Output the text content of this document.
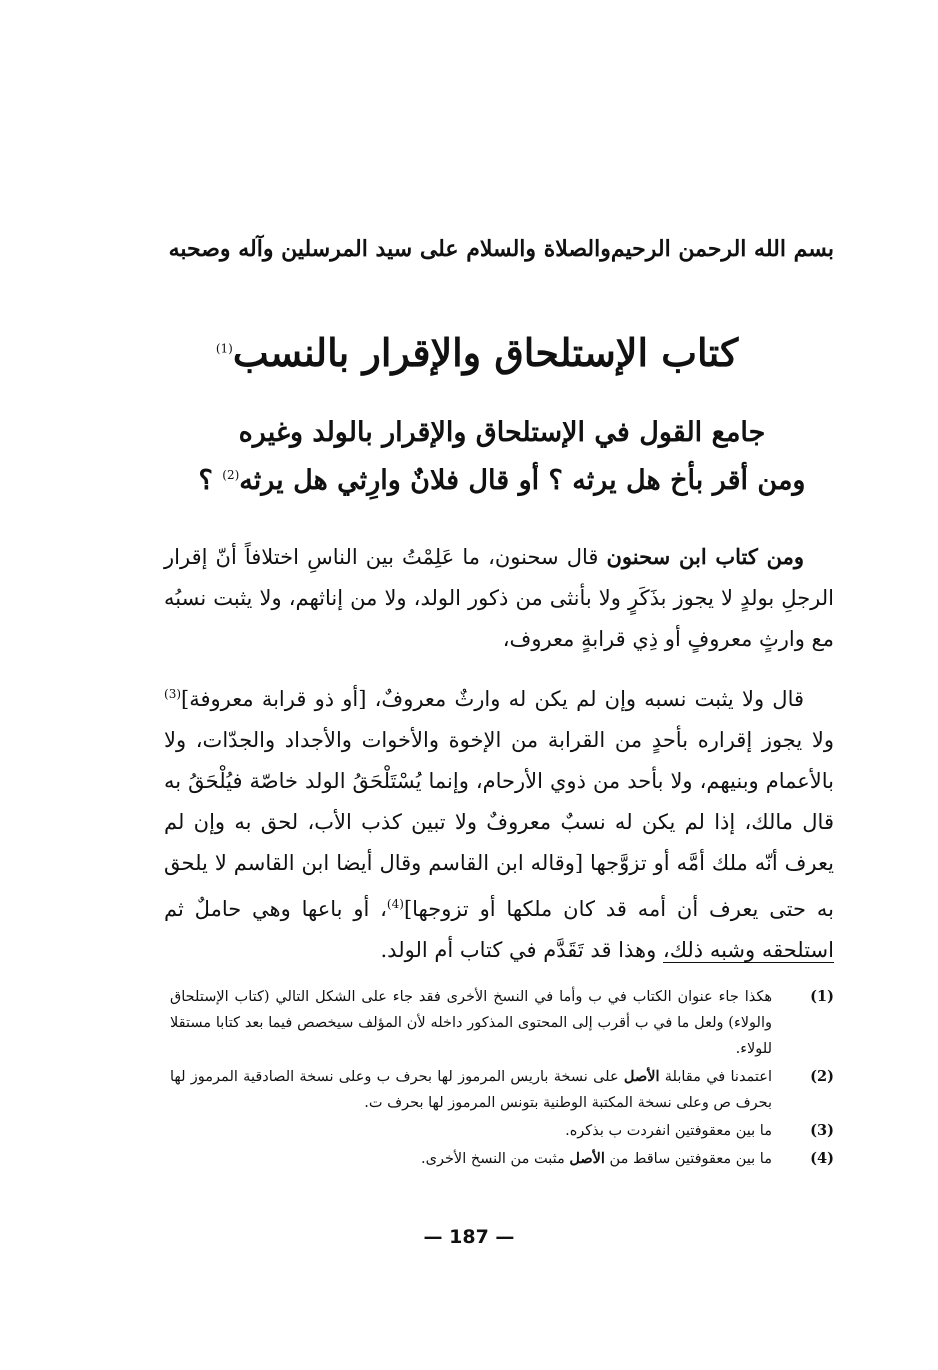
بسم الله الرحمن الرحيم
والصلاة والسلام على سيد المرسلين وآله وصحبه
كتاب الإستلحاق والإقرار بالنسب$^{(1)}$
جامع القول في الإستلحاق والإقرار بالولد وغيره
ومن أقر بأخ هل يرثه ؟ أو قال فلانٌ وارِثي هل يرثه$^{(2)}$ ؟

ومن كتاب ابن سحنون قال سحنون، ما عَلِمْتُ بين الناسِ اختلافاً أنّ إقرار الرجلِ بولدٍ لا يجوز بذَكَرٍ ولا بأنثى من ذكور الولد، ولا من إناثهم، ولا يثبت نسبُه مع وارثٍ معروفٍ أو ذِي قرابةٍ معروف،

قال ولا يثبت نسبه وإن لم يكن له وارثٌ معروفٌ، [أو ذو قرابة معروفة]$^{(3)}$ ولا يجوز إقراره بأحدٍ من القرابة من الإخوة والأخوات والأجداد والجدّات، ولا بالأعمام وبنيهم، ولا بأحد من ذوي الأرحام، وإنما يُسْتَلْحَقُ الولد خاصّة فيُلْحَقُ به قال مالك، إذا لم يكن له نسبٌ معروفٌ ولا تبين كذب الأب، لحق به وإن لم يعرف أنّه ملك أمَّه أو تزوَّجها [وقاله ابن القاسم وقال أيضا ابن القاسم لا يلحق به حتى يعرف أن أمه قد كان ملكها أو تزوجها]$^{(4)}$، أو باعها وهي حاملٌ ثم استلحقه وشبه ذلك، وهذا قد تَقَدَّم في كتاب أم الولد.

(1)
هكذا جاء عنوان الكتاب في ب وأما في النسخ الأخرى فقد جاء على الشكل التالي (كتاب الإستلحاق والولاء) ولعل ما في ب أقرب إلى المحتوى المذكور داخله لأن المؤلف سيخصص فيما بعد كتابا مستقلا للولاء.
(2)
اعتمدنا في مقابلة الأصل على نسخة باريس المرموز لها بحرف ب وعلى نسخة الصادقية المرموز لها بحرف ص وعلى نسخة المكتبة الوطنية بتونس المرموز لها بحرف ت.
(3)
ما بين معقوفتين انفردت ب بذكره.
(4)
ما بين معقوفتين ساقط من الأصل مثبت من النسخ الأخرى.
— 187 —
